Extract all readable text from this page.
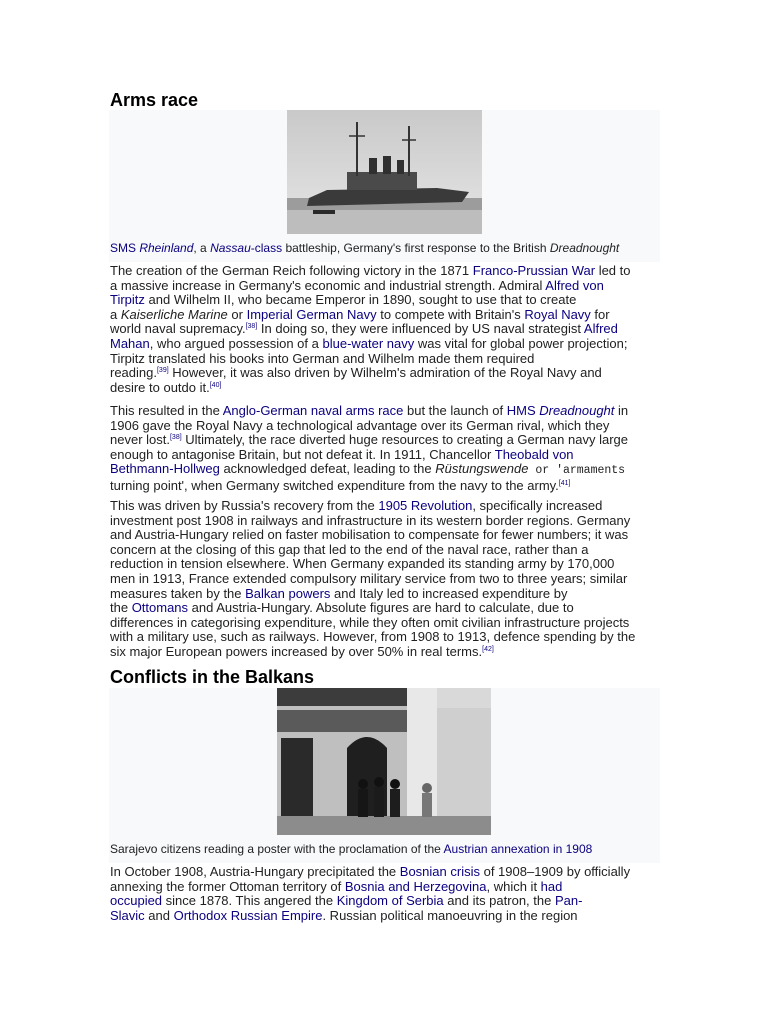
Arms race
SMS Rheinland, a Nassau-class battleship, Germany's first response to the British Dreadnought
The creation of the German Reich following victory in the 1871 Franco-Prussian War led to
a massive increase in Germany's economic and industrial strength. Admiral Alfred von
Tirpitz and Wilhelm II, who became Emperor in 1890, sought to use that to create
a Kaiserliche Marine or Imperial German Navy to compete with Britain's Royal Navy for
world naval supremacy.[38] In doing so, they were influenced by US naval strategist Alfred
Mahan, who argued possession of a blue-water navy was vital for global power projection;
Tirpitz translated his books into German and Wilhelm made them required
reading.[39] However, it was also driven by Wilhelm's admiration of the Royal Navy and
desire to outdo it.[40]
This resulted in the Anglo-German naval arms race but the launch of HMS Dreadnought in
1906 gave the Royal Navy a technological advantage over its German rival, which they
never lost.[38] Ultimately, the race diverted huge resources to creating a German navy large
enough to antagonise Britain, but not defeat it. In 1911, Chancellor Theobald von
Bethmann-Hollweg acknowledged defeat, leading to the Rüstungswende or 'armaments
turning point', when Germany switched expenditure from the navy to the army.[41]
This was driven by Russia's recovery from the 1905 Revolution, specifically increased
investment post 1908 in railways and infrastructure in its western border regions. Germany
and Austria-Hungary relied on faster mobilisation to compensate for fewer numbers; it was
concern at the closing of this gap that led to the end of the naval race, rather than a
reduction in tension elsewhere. When Germany expanded its standing army by 170,000
men in 1913, France extended compulsory military service from two to three years; similar
measures taken by the Balkan powers and Italy led to increased expenditure by
the Ottomans and Austria-Hungary. Absolute figures are hard to calculate, due to
differences in categorising expenditure, while they often omit civilian infrastructure projects
with a military use, such as railways. However, from 1908 to 1913, defence spending by the
six major European powers increased by over 50% in real terms.[42]
Conflicts in the Balkans
Sarajevo citizens reading a poster with the proclamation of the Austrian annexation in 1908
In October 1908, Austria-Hungary precipitated the Bosnian crisis of 1908–1909 by officially
annexing the former Ottoman territory of Bosnia and Herzegovina, which it had
occupied since 1878. This angered the Kingdom of Serbia and its patron, the Pan-
Slavic and Orthodox Russian Empire. Russian political manoeuvring in the region
